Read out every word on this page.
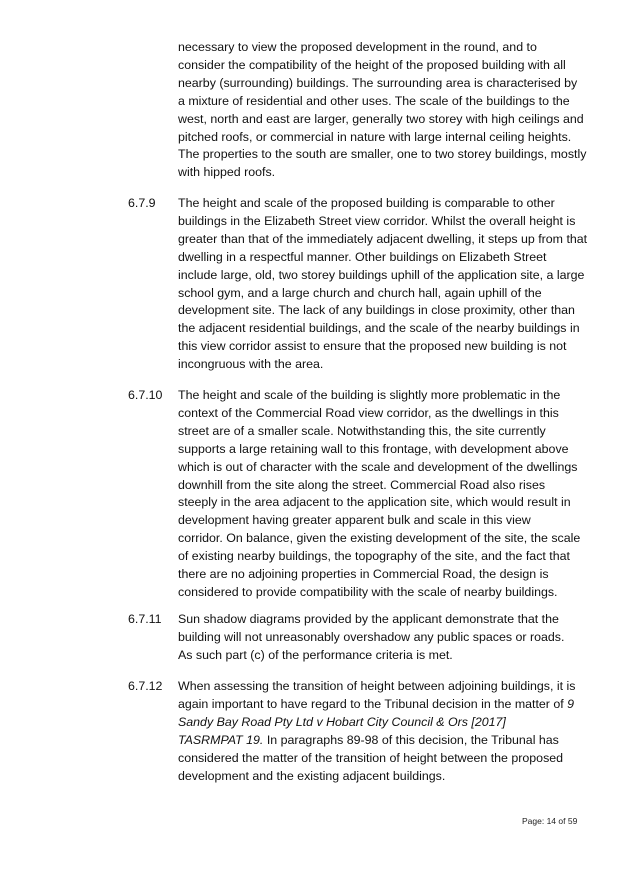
necessary to view the proposed development in the round, and to

consider the compatibility of the height of the proposed building with all

nearby (surrounding) buildings. The surrounding area is characterised by

a mixture of residential and other uses. The scale of the buildings to the

west, north and east are larger, generally two storey with high ceilings and

pitched roofs, or commercial in nature with large internal ceiling heights.

The properties to the south are smaller, one to two storey buildings, mostly

with hipped roofs.

6.7.9 The height and scale of the proposed building is comparable to other

buildings in the Elizabeth Street view corridor. Whilst the overall height is

greater than that of the immediately adjacent dwelling, it steps up from that

dwelling in a respectful manner. Other buildings on Elizabeth Street

include large, old, two storey buildings uphill of the application site, a large

school gym, and a large church and church hall, again uphill of the

development site. The lack of any buildings in close proximity, other than

the adjacent residential buildings, and the scale of the nearby buildings in

this view corridor assist to ensure that the proposed new building is not

incongruous with the area.

6.7.10 The height and scale of the building is slightly more problematic in the

context of the Commercial Road view corridor, as the dwellings in this

street are of a smaller scale. Notwithstanding this, the site currently

supports a large retaining wall to this frontage, with development above

which is out of character with the scale and development of the dwellings

downhill from the site along the street. Commercial Road also rises

steeply in the area adjacent to the application site, which would result in

development having greater apparent bulk and scale in this view

corridor. On balance, given the existing development of the site, the scale

of existing nearby buildings, the topography of the site, and the fact that

there are no adjoining properties in Commercial Road, the design is

considered to provide compatibility with the scale of nearby buildings.

6.7.11 Sun shadow diagrams provided by the applicant demonstrate that the

building will not unreasonably overshadow any public spaces or roads.

As such part (c) of the performance criteria is met.

6.7.12 When assessing the transition of height between adjoining buildings, it is

again important to have regard to the Tribunal decision in the matter of 9

Sandy Bay Road Pty Ltd v Hobart City Council & Ors [2017]

TASRMPAT 19. In paragraphs 89-98 of this decision, the Tribunal has

considered the matter of the transition of height between the proposed

development and the existing adjacent buildings.

Page: 14 of 59
